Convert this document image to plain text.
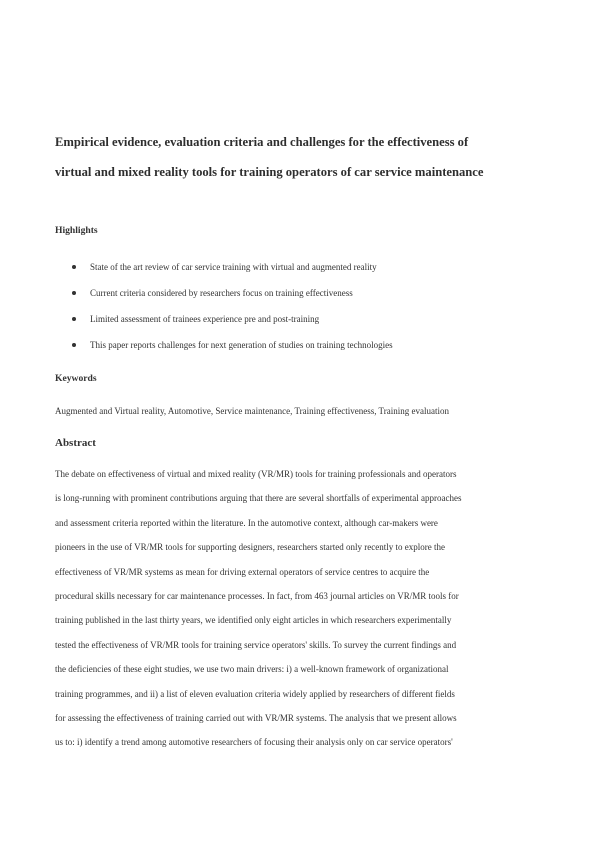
Empirical evidence, evaluation criteria and challenges for the effectiveness of
virtual and mixed reality tools for training operators of car service maintenance
Highlights
State of the art review of car service training with virtual and augmented reality
Current criteria considered by researchers focus on training effectiveness
Limited assessment of trainees experience pre and post-training
This paper reports challenges for next generation of studies on training technologies
Keywords

Augmented and Virtual reality, Automotive, Service maintenance, Training effectiveness, Training evaluation

Abstract

The debate on effectiveness of virtual and mixed reality (VR/MR) tools for training professionals and operators
is long-running with prominent contributions arguing that there are several shortfalls of experimental approaches
and assessment criteria reported within the literature. In the automotive context, although car-makers were
pioneers in the use of VR/MR tools for supporting designers, researchers started only recently to explore the
effectiveness of VR/MR systems as mean for driving external operators of service centres to acquire the
procedural skills necessary for car maintenance processes. In fact, from 463 journal articles on VR/MR tools for
training published in the last thirty years, we identified only eight articles in which researchers experimentally
tested the effectiveness of VR/MR tools for training service operators' skills. To survey the current findings and
the deficiencies of these eight studies, we use two main drivers: i) a well-known framework of organizational
training programmes, and ii) a list of eleven evaluation criteria widely applied by researchers of different fields
for assessing the effectiveness of training carried out with VR/MR systems. The analysis that we present allows
us to: i) identify a trend among automotive researchers of focusing their analysis only on car service operators'
